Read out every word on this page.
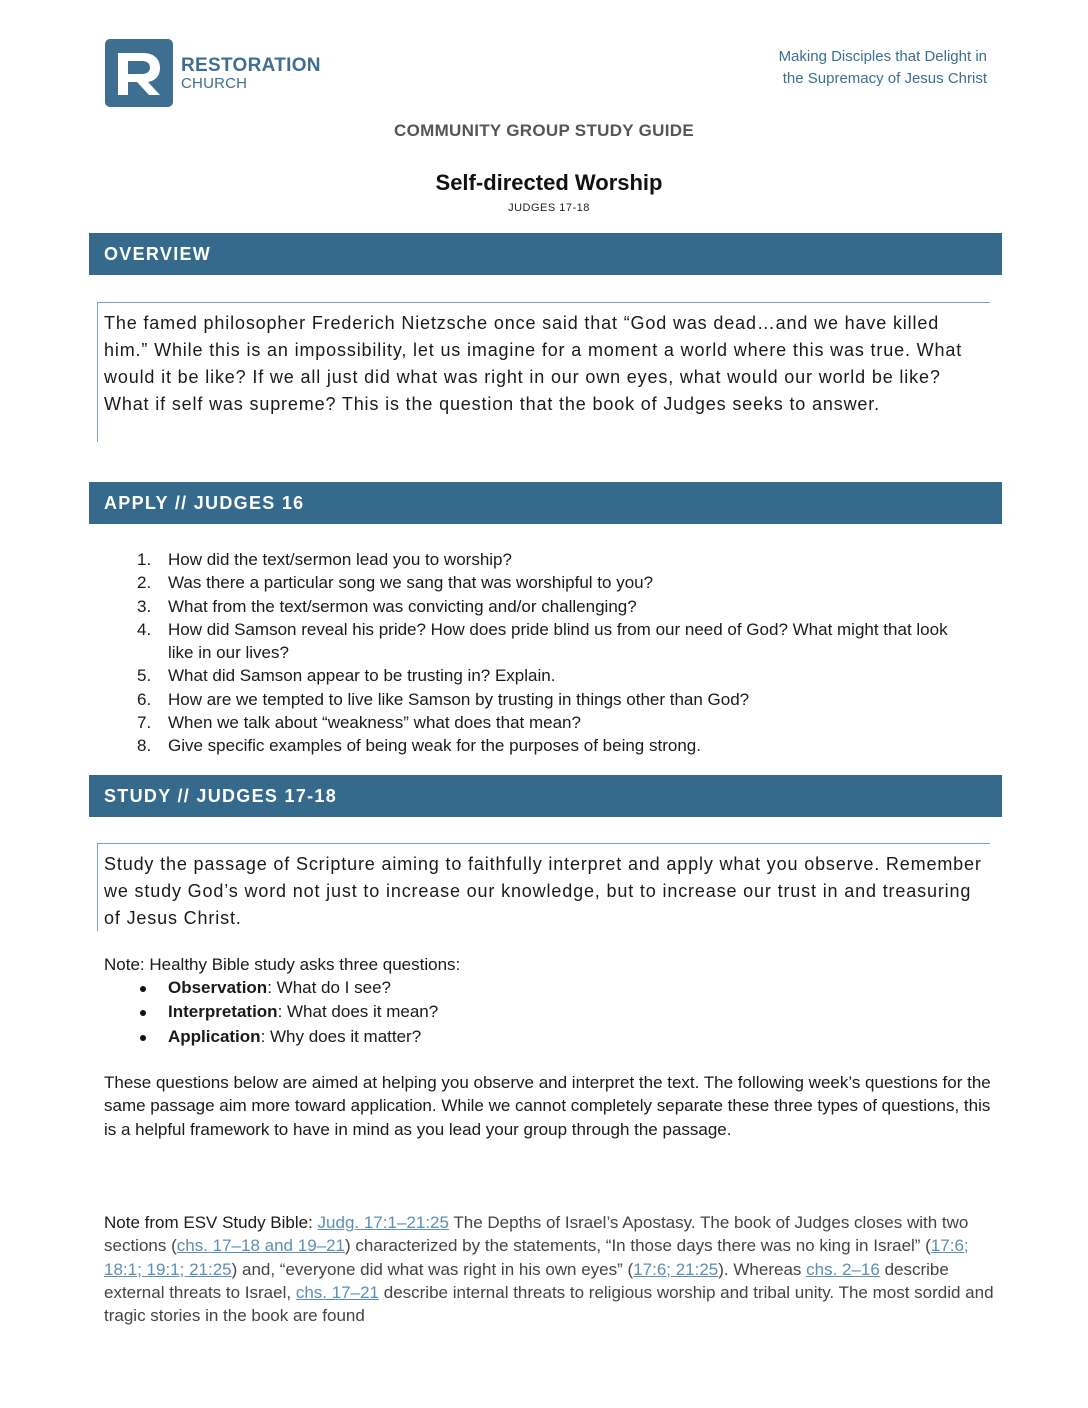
RESTORATION
CHURCH
Making Disciples that Delight in
the Supremacy of Jesus Christ
COMMUNITY GROUP STUDY GUIDE
Self-directed Worship
JUDGES 17-18
OVERVIEW
The famed philosopher Frederich Nietzsche once said that “God was dead…and we have killed him.” While this is an impossibility, let us imagine for a moment a world where this was true. What would it be like? If we all just did what was right in our own eyes, what would our world be like? What if self was supreme? This is the question that the book of Judges seeks to answer.
APPLY // JUDGES 16
1. How did the text/sermon lead you to worship?
2. Was there a particular song we sang that was worshipful to you?
3. What from the text/sermon was convicting and/or challenging?
4. How did Samson reveal his pride? How does pride blind us from our need of God? What might that look like in our lives?
5. What did Samson appear to be trusting in? Explain.
6. How are we tempted to live like Samson by trusting in things other than God?
7. When we talk about “weakness” what does that mean?
8. Give specific examples of being weak for the purposes of being strong.
STUDY // JUDGES 17-18
Study the passage of Scripture aiming to faithfully interpret and apply what you observe. Remember we study God’s word not just to increase our knowledge, but to increase our trust in and treasuring of Jesus Christ.
Note: Healthy Bible study asks three questions:
Observation: What do I see?
Interpretation: What does it mean?
Application: Why does it matter?
These questions below are aimed at helping you observe and interpret the text. The following week’s questions for the same passage aim more toward application. While we cannot completely separate these three types of questions, this is a helpful framework to have in mind as you lead your group through the passage.
Note from ESV Study Bible: Judg. 17:1–21:25 The Depths of Israel’s Apostasy. The book of Judges closes with two sections (chs. 17–18 and 19–21) characterized by the statements, “In those days there was no king in Israel” (17:6; 18:1; 19:1; 21:25) and, “everyone did what was right in his own eyes” (17:6; 21:25). Whereas chs. 2–16 describe external threats to Israel, chs. 17–21 describe internal threats to religious worship and tribal unity. The most sordid and tragic stories in the book are found
